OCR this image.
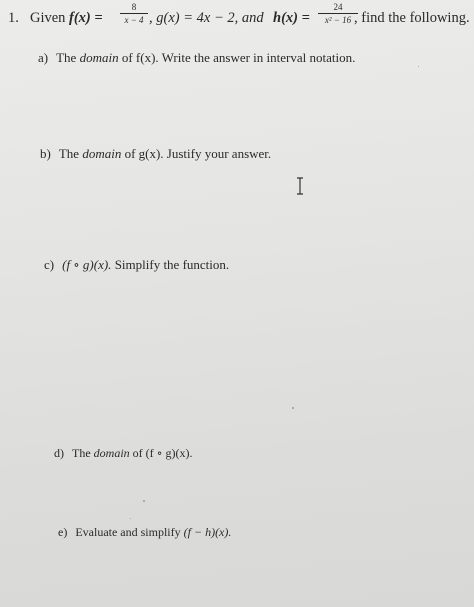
1. Given $f(x) = \frac{8}{x - 4}$ , g(x) = 4x − 2, and $h(x) = \frac{24}{\text{x² − 16}}$
, find the following.
a) The domain of f(x). Write the answer in interval notation.
b) The domain of g(x). Justify your answer.
c) (f ∘ g)(x). Simplify the function.
d) The domain of (f ∘ g)(x).
e) Evaluate and simplify (f − h)(x).
